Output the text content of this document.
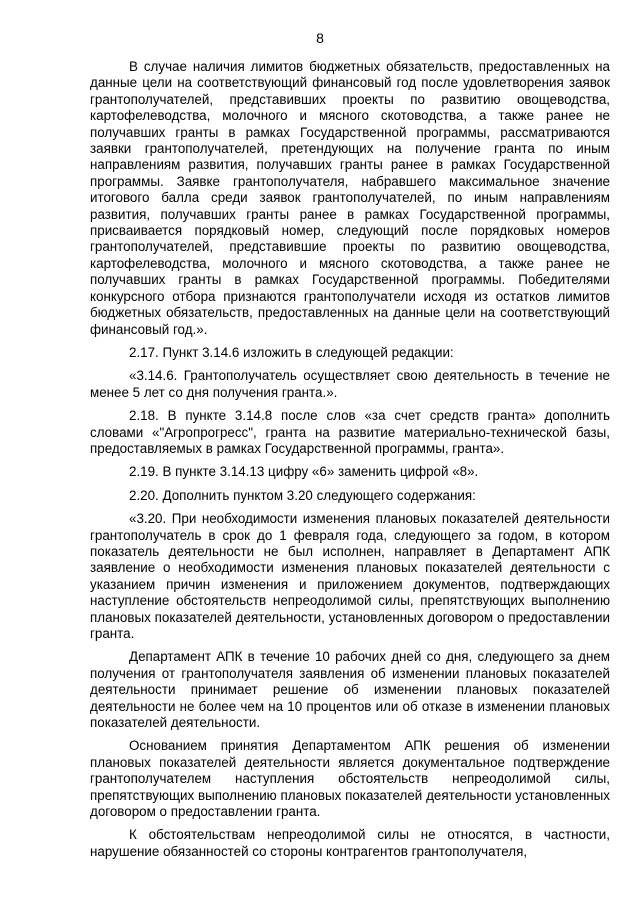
8

В случае наличия лимитов бюджетных обязательств, предоставленных на данные цели на соответствующий финансовый год после удовлетворения заявок грантополучателей, представивших проекты по развитию овощеводства, картофелеводства, молочного и мясного скотоводства, а также ранее не получавших гранты в рамках Государственной программы, рассматриваются заявки грантополучателей, претендующих на получение гранта по иным направлениям развития, получавших гранты ранее в рамках Государственной программы. Заявке грантополучателя, набравшего максимальное значение итогового балла среди заявок грантополучателей, по иным направлениям развития, получавших гранты ранее в рамках Государственной программы, присваивается порядковый номер, следующий после порядковых номеров грантополучателей, представившие проекты по развитию овощеводства, картофелеводства, молочного и мясного скотоводства, а также ранее не получавших гранты в рамках Государственной программы. Победителями конкурсного отбора признаются грантополучатели исходя из остатков лимитов бюджетных обязательств, предоставленных на данные цели на соответствующий финансовый год.».

2.17. Пункт 3.14.6 изложить в следующей редакции:

«3.14.6. Грантополучатель осуществляет свою деятельность в течение не менее 5 лет со дня получения гранта.».

2.18. В пункте 3.14.8 после слов «за счет средств гранта» дополнить словами «"Агропрогресс", гранта на развитие материально-технической базы, предоставляемых в рамках Государственной программы, гранта».

2.19. В пункте 3.14.13 цифру «6» заменить цифрой «8».

2.20. Дополнить пунктом 3.20 следующего содержания:

«3.20. При необходимости изменения плановых показателей деятельности грантополучатель в срок до 1 февраля года, следующего за годом, в котором показатель деятельности не был исполнен, направляет в Департамент АПК заявление о необходимости изменения плановых показателей деятельности с указанием причин изменения и приложением документов, подтверждающих наступление обстоятельств непреодолимой силы, препятствующих выполнению плановых показателей деятельности, установленных договором о предоставлении гранта.

Департамент АПК в течение 10 рабочих дней со дня, следующего за днем получения от грантополучателя заявления об изменении плановых показателей деятельности принимает решение об изменении плановых показателей деятельности не более чем на 10 процентов или об отказе в изменении плановых показателей деятельности.

Основанием принятия Департаментом АПК решения об изменении плановых показателей деятельности является документальное подтверждение грантополучателем наступления обстоятельств непреодолимой силы, препятствующих выполнению плановых показателей деятельности установленных договором о предоставлении гранта.

К обстоятельствам непреодолимой силы не относятся, в частности, нарушение обязанностей со стороны контрагентов грантополучателя,
